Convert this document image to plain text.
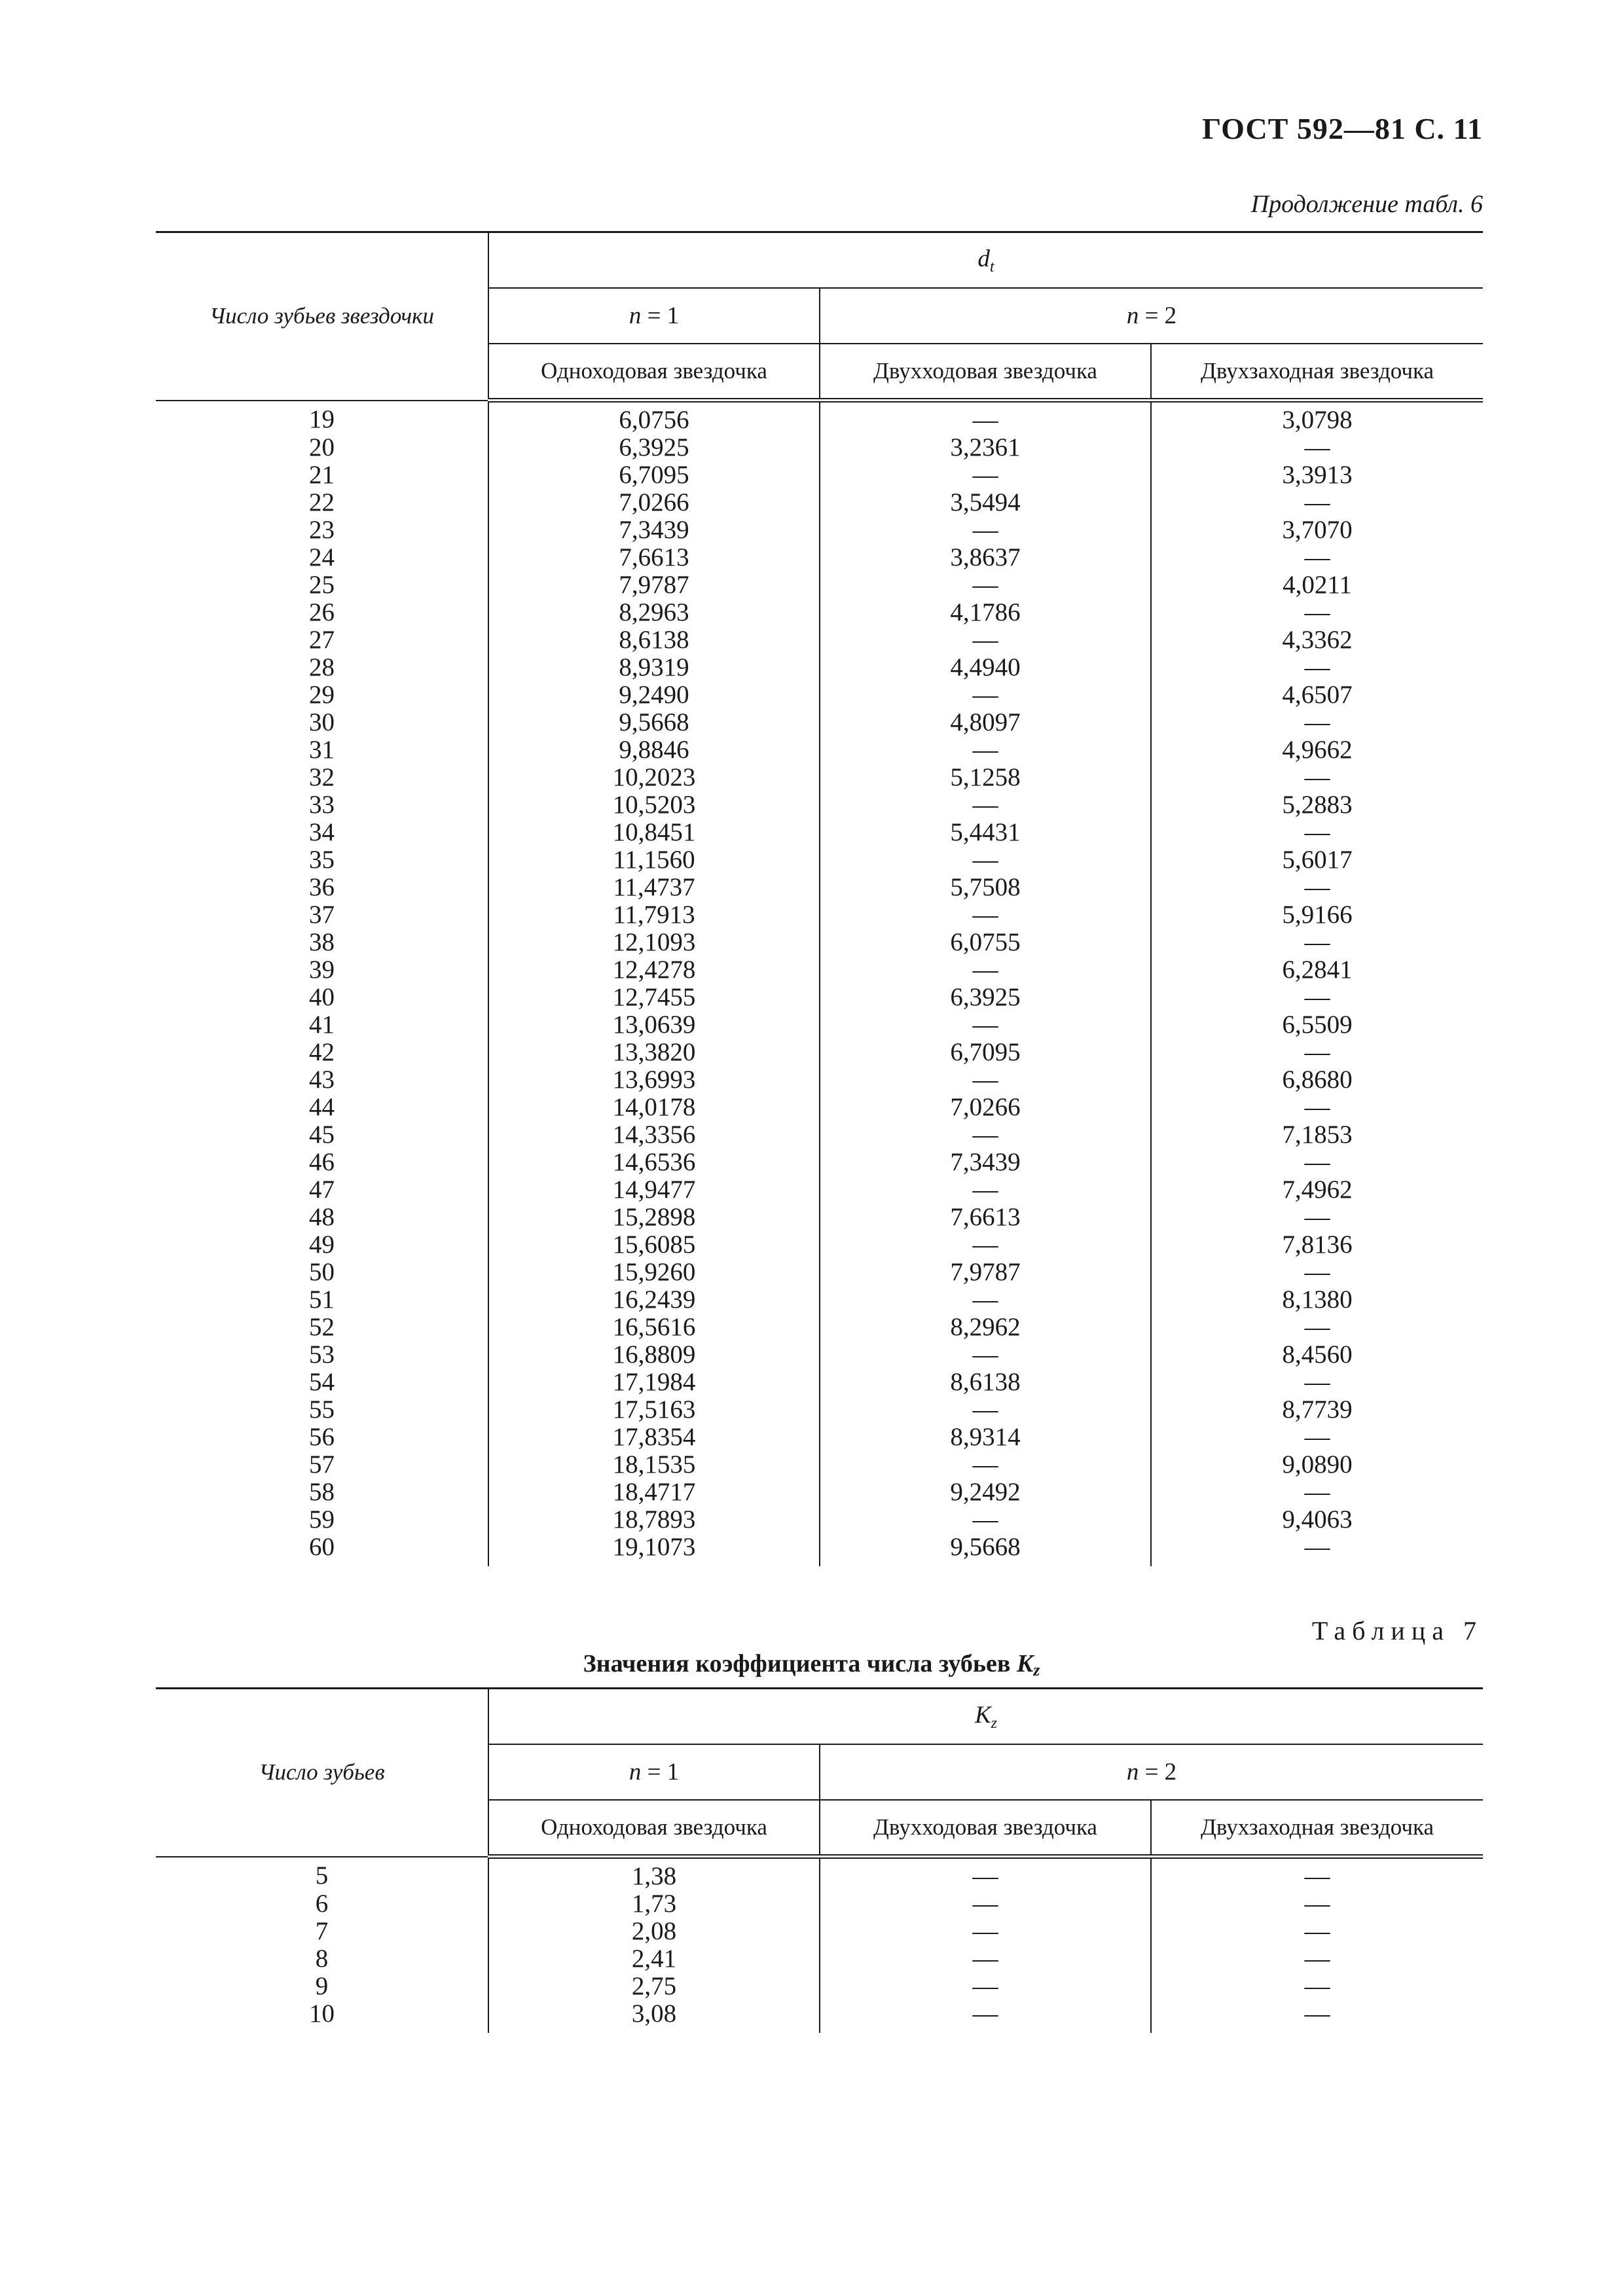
ГОСТ 592—81 С. 11
Продолжение табл. 6
Число зубьев звездочки	$d_t$
	n = 1	n = 2	
	Одноходовая звездочка	Двухходовая звездочка	Двухзаходная звездочка
19	6,0756	—	3,0798
20	6,3925	3,2361	—
21	6,7095	—	3,3913
22	7,0266	3,5494	—
23	7,3439	—	3,7070
24	7,6613	3,8637	—
25	7,9787	—	4,0211
26	8,2963	4,1786	—
27	8,6138	—	4,3362
28	8,9319	4,4940	—
29	9,2490	—	4,6507
30	9,5668	4,8097	—
31	9,8846	—	4,9662
32	10,2023	5,1258	—
33	10,5203	—	5,2883
34	10,8451	5,4431	—
35	11,1560	—	5,6017
36	11,4737	5,7508	—
37	11,7913	—	5,9166
38	12,1093	6,0755	—
39	12,4278	—	6,2841
40	12,7455	6,3925	—
41	13,0639	—	6,5509
42	13,3820	6,7095	—
43	13,6993	—	6,8680
44	14,0178	7,0266	—
45	14,3356	—	7,1853
46	14,6536	7,3439	—
47	14,9477	—	7,4962
48	15,2898	7,6613	—
49	15,6085	—	7,8136
50	15,9260	7,9787	—
51	16,2439	—	8,1380
52	16,5616	8,2962	—
53	16,8809	—	8,4560
54	17,1984	8,6138	—
55	17,5163	—	8,7739
56	17,8354	8,9314	—
57	18,1535	—	9,0890
58	18,4717	9,2492	—
59	18,7893	—	9,4063
60	19,1073	9,5668	—
Таблица 7
Значения коэффициента числа зубьев Kz
Число зубьев	$K_z$
	n = 1	n = 2	
	Одноходовая звездочка	Двухходовая звездочка	Двухзаходная звездочка
5	1,38	—	—
6	1,73	—	—
7	2,08	—	—
8	2,41	—	—
9	2,75	—	—
10	3,08	—	—
